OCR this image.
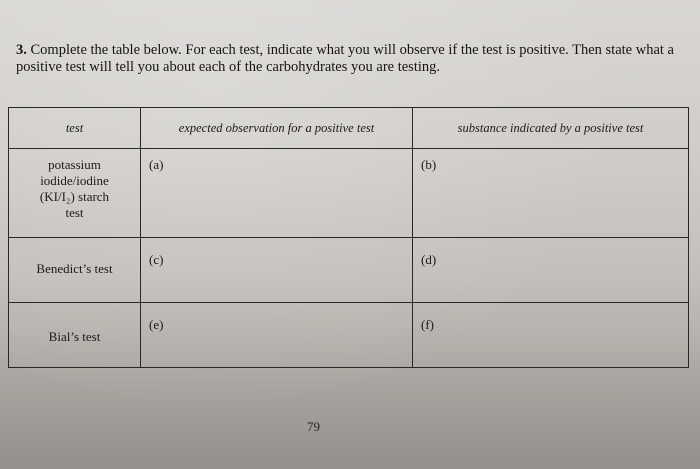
3. Complete the table below. For each test, indicate what you will observe if the test is positive. Then state what a positive test will tell you about each of the carbohydrates you are testing.
test	expected observation for a positive test	substance indicated by a positive test

potassium
iodide/iodine
(KI/I₂) starch
test	(a)	(b)

Benedict’s test	(c)	(d)

Bial’s test	(e)	(f)
79
